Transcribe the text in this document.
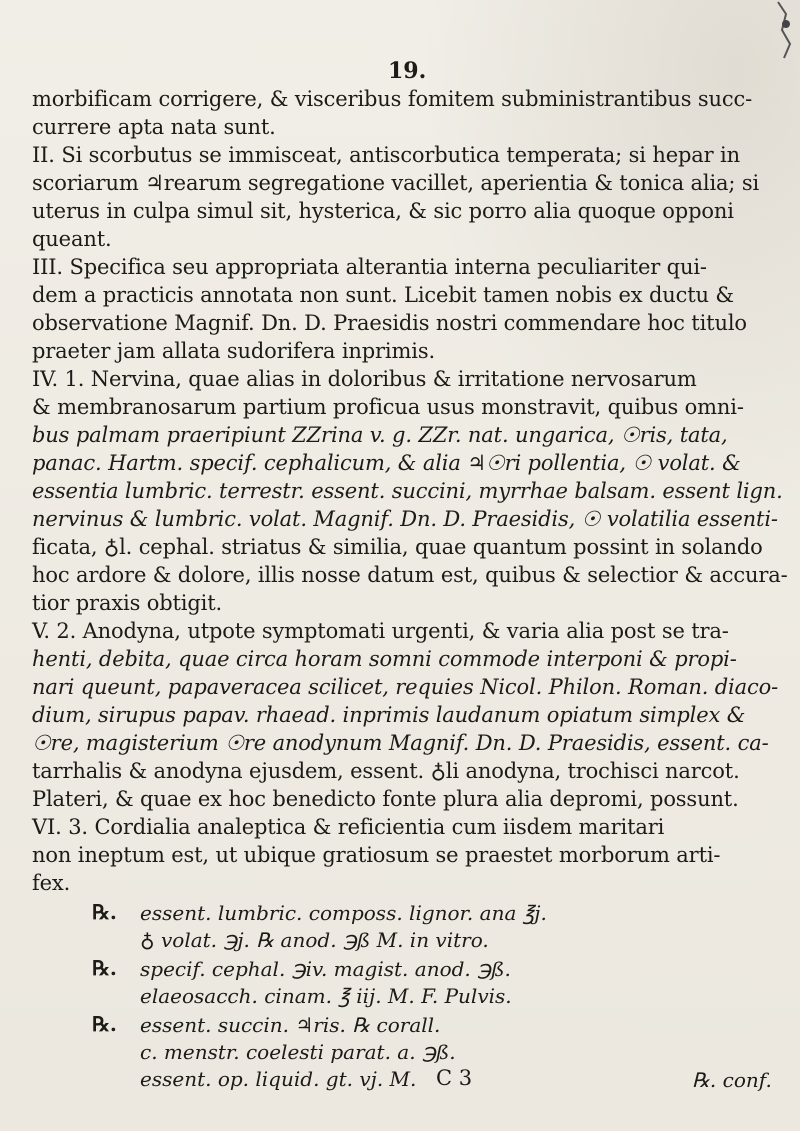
19.
morbificam corrigere, & visceribus fomitem subministrantibus succ-
currere apta nata sunt.
II. Si scorbutus se immisceat, antiscorbutica temperata; si hepar in
scoriarum ♃rearum segregatione vacillet, aperientia & tonica alia; si
uterus in culpa simul sit, hysterica, & sic porro alia quoque opponi
queant.
III. Specifica seu appropriata alterantia interna peculiariter qui-
dem a practicis annotata non sunt. Licebit tamen nobis ex ductu &
observatione Magnif. Dn. D. Praesidis nostri commendare hoc titulo
praeter jam allata sudorifera inprimis.
IV. 1. Nervina, quae alias in doloribus & irritatione nervosarum
& membranosarum partium proficua usus monstravit, quibus omni-
bus palmam praeripiunt ZZrina v. g. ZZr. nat. ungarica, ☉ris, tata,
panac. Hartm. specif. cephalicum, & alia ♃☉ri pollentia, ☉ volat. &
essentia lumbric. terrestr. essent. succini, myrrhae balsam. essent lign.
nervinus & lumbric. volat. Magnif. Dn. D. Praesidis, ☉ volatilia essenti-
ficata, ♁l. cephal. striatus & similia, quae quantum possint in solando
hoc ardore & dolore, illis nosse datum est, quibus & selectior & accura-
tior praxis obtigit.
V. 2. Anodyna, utpote symptomati urgenti, & varia alia post se tra-
henti, debita, quae circa horam somni commode interponi & propi-
nari queunt, papaveracea scilicet, requies Nicol. Philon. Roman. diaco-
dium, sirupus papav. rhaead. inprimis laudanum opiatum simplex &
☉re, magisterium ☉re anodynum Magnif. Dn. D. Praesidis, essent. ca-
tarrhalis & anodyna ejusdem, essent. ♁li anodyna, trochisci narcot.
Plateri, & quae ex hoc benedicto fonte plura alia depromi, possunt.
VI. 3. Cordialia analeptica & reficientia cum iisdem maritari
non ineptum est, ut ubique gratiosum se praestet morborum arti-
fex.
℞. essent. lumbric. composs. lignor. ana ℥j.
♁ volat. ℈j. ℞ anod. ℈ß M. in vitro.
℞. specif. cephal. ℈iv. magist. anod. ℈ß.
elaeosacch. cinam. ℥ iij. M. F. Pulvis.
℞. essent. succin. ♃ris. ℞ corall.
c. menstr. coelesti parat. a. ℈ß.
essent. op. liquid. gt. vj. M. C 3	℞. conf.
